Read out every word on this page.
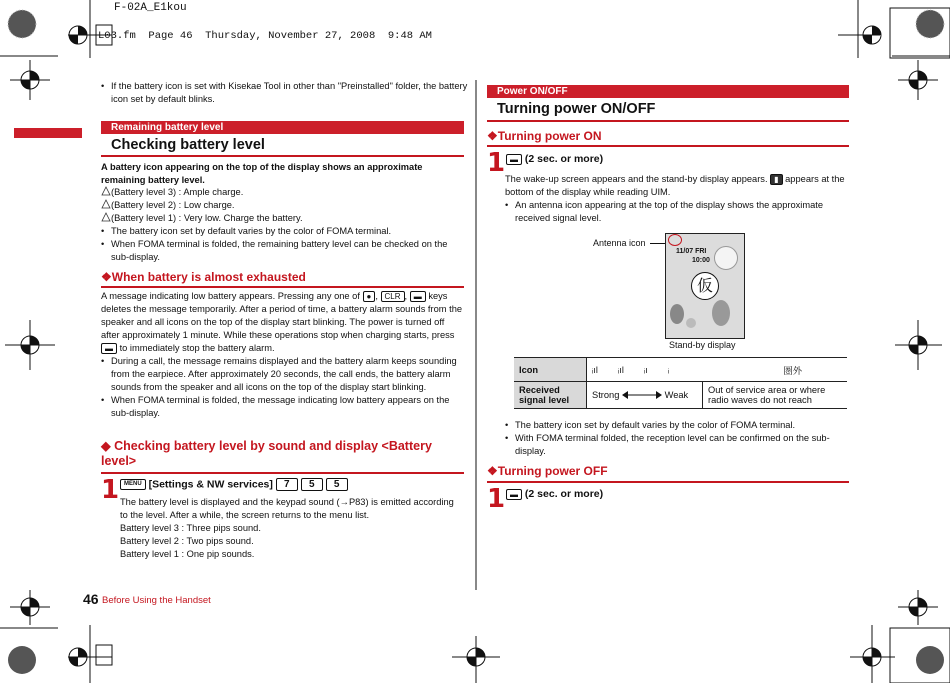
F-02A_E1kou
L03.fm  Page 46  Thursday, November 27, 2008  9:48 AM
• If the battery icon is set with Kisekae Tool in other than "Preinstalled" folder, the battery icon set by default blinks.
Remaining battery level
Checking battery level
A battery icon appearing on the top of the display shows an approximate
remaining battery level.
(Battery level 3) : Ample charge.
(Battery level 2) : Low charge.
(Battery level 1) : Very low. Charge the battery.
• The battery icon set by default varies by the color of FOMA terminal.
• When FOMA terminal is folded, the remaining battery level can be checked on the sub-display.
❖When battery is almost exhausted
A message indicating low battery appears. Pressing any one of ● , CLR , ▬ keys deletes the message temporarily. After a period of time, a battery alarm sounds from the speaker and all icons on the top of the display start blinking. The power is turned off after approximately 1 minute. While these operations stop when charging starts, press ▬ to immediately stop the battery alarm.
• During a call, the message remains displayed and the battery alarm keeps sounding from the earpiece. After approximately 20 seconds, the call ends, the battery alarm sounds from the speaker and all icons on the top of the display start blinking.
• When FOMA terminal is folded, the message indicating low battery appears on the sub-display.
◆ Checking battery level by sound and display <Battery level>
1 MENU [Settings & NW services] 7 5 5
The battery level is displayed and the keypad sound (→P83) is emitted according to the level. After a while, the screen returns to the menu list.
Battery level 3 : Three pips sound.
Battery level 2 : Two pips sound.
Battery level 1 : One pip sounds.
Power ON/OFF
Turning power ON/OFF
❖Turning power ON
1 ▬ (2 sec. or more)
The wake-up screen appears and the stand-by display appears. ▮ appears at the bottom of the display while reading UIM.
• An antenna icon appearing at the top of the display shows the approximate received signal level.
Antenna icon
11/07 FRI
10:00
仮
Stand-by display
Icon	ᵢıl ᵢıl ᵢı ᵢ 圏外	

Received signal level	Strong Weak	Out of service area or where radio waves do not reach
• The battery icon set by default varies by the color of FOMA terminal.
• With FOMA terminal folded, the reception level can be confirmed on the sub-display.
❖Turning power OFF
1 ▬ (2 sec. or more)
46 Before Using the Handset
